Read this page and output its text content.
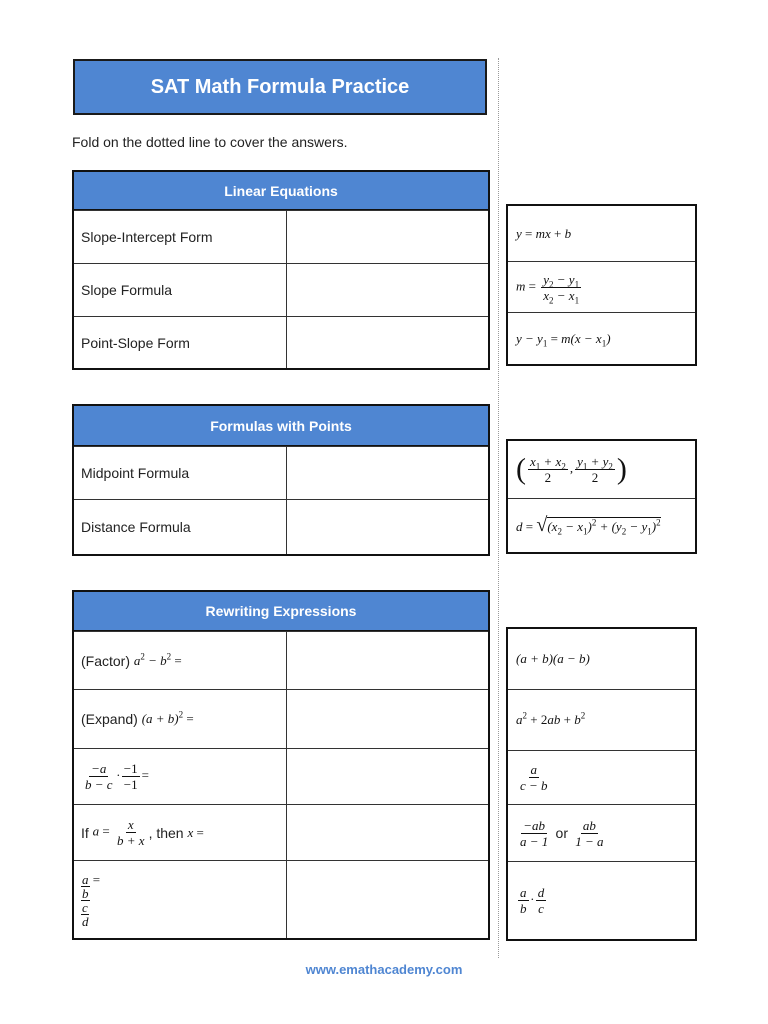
SAT Math Formula Practice
Fold on the dotted line to cover the answers.
Linear Equations
Slope-Intercept Form
Slope Formula
Point-Slope Form
y = mx + b
$m = \frac{y_2 - y_1}{x_2 - x_1}$
$y - y_1 = m(x - x_1)$
Formulas with Points
Midpoint Formula
Distance Formula
( $\frac{x_1 + x_2}{2}$ , $\frac{y_1 + y_2}{2}$ )
d = √ $(x_2 - x_1)^2 + (y_2 - y_1)^2$
Rewriting Expressions
(Factor)
$a^2 - b^2$ =
(Expand)
$(a + b)^2$ =
$\frac{-a}{b - c} \cdot \frac{-1}{-1}$ =
If
$a = \frac{x}{b + x}$ , then
x =
a
b
c
d
=
(a + b)(a − b)
$a^2 + 2ab + b^2$
$\frac{a}{c - b}$
$\frac{-ab}{a - 1}$
or
$\frac{ab}{1 - a}$
$\frac{a}{b} \cdot \frac{d}{c}$
www.emathacademy.com
